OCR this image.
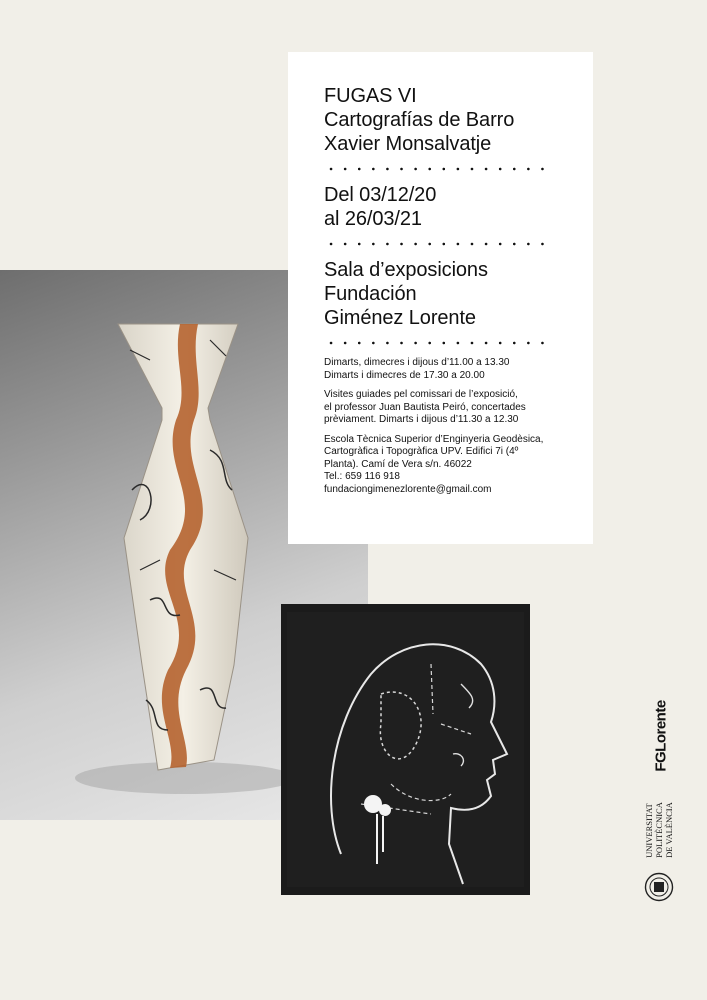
FUGAS VI
Cartografías de Barro
Xavier Monsalvatje
Del 03/12/20
al 26/03/21
Sala d’exposicions
Fundación
Giménez Lorente

Dimarts, dimecres i dijous d’11.00 a 13.30
Dimarts i dimecres de 17.30 a 20.00

Visites guiades pel comissari de l’exposició,
el professor Juan Bautista Peiró, concertades
prèviament. Dimarts i dijous d’11.30 a 12.30

Escola Tècnica Superior d’Enginyeria Geodèsica,
Cartogràfica i Topogràfica UPV. Edifici 7i (4º
Planta). Camí de Vera s/n. 46022
Tel.: 659 116 918
fundaciongimenezlorente@gmail.com

FGLorente
UNIVERSITAT POLITÈCNICA DE VALÈNCIA
